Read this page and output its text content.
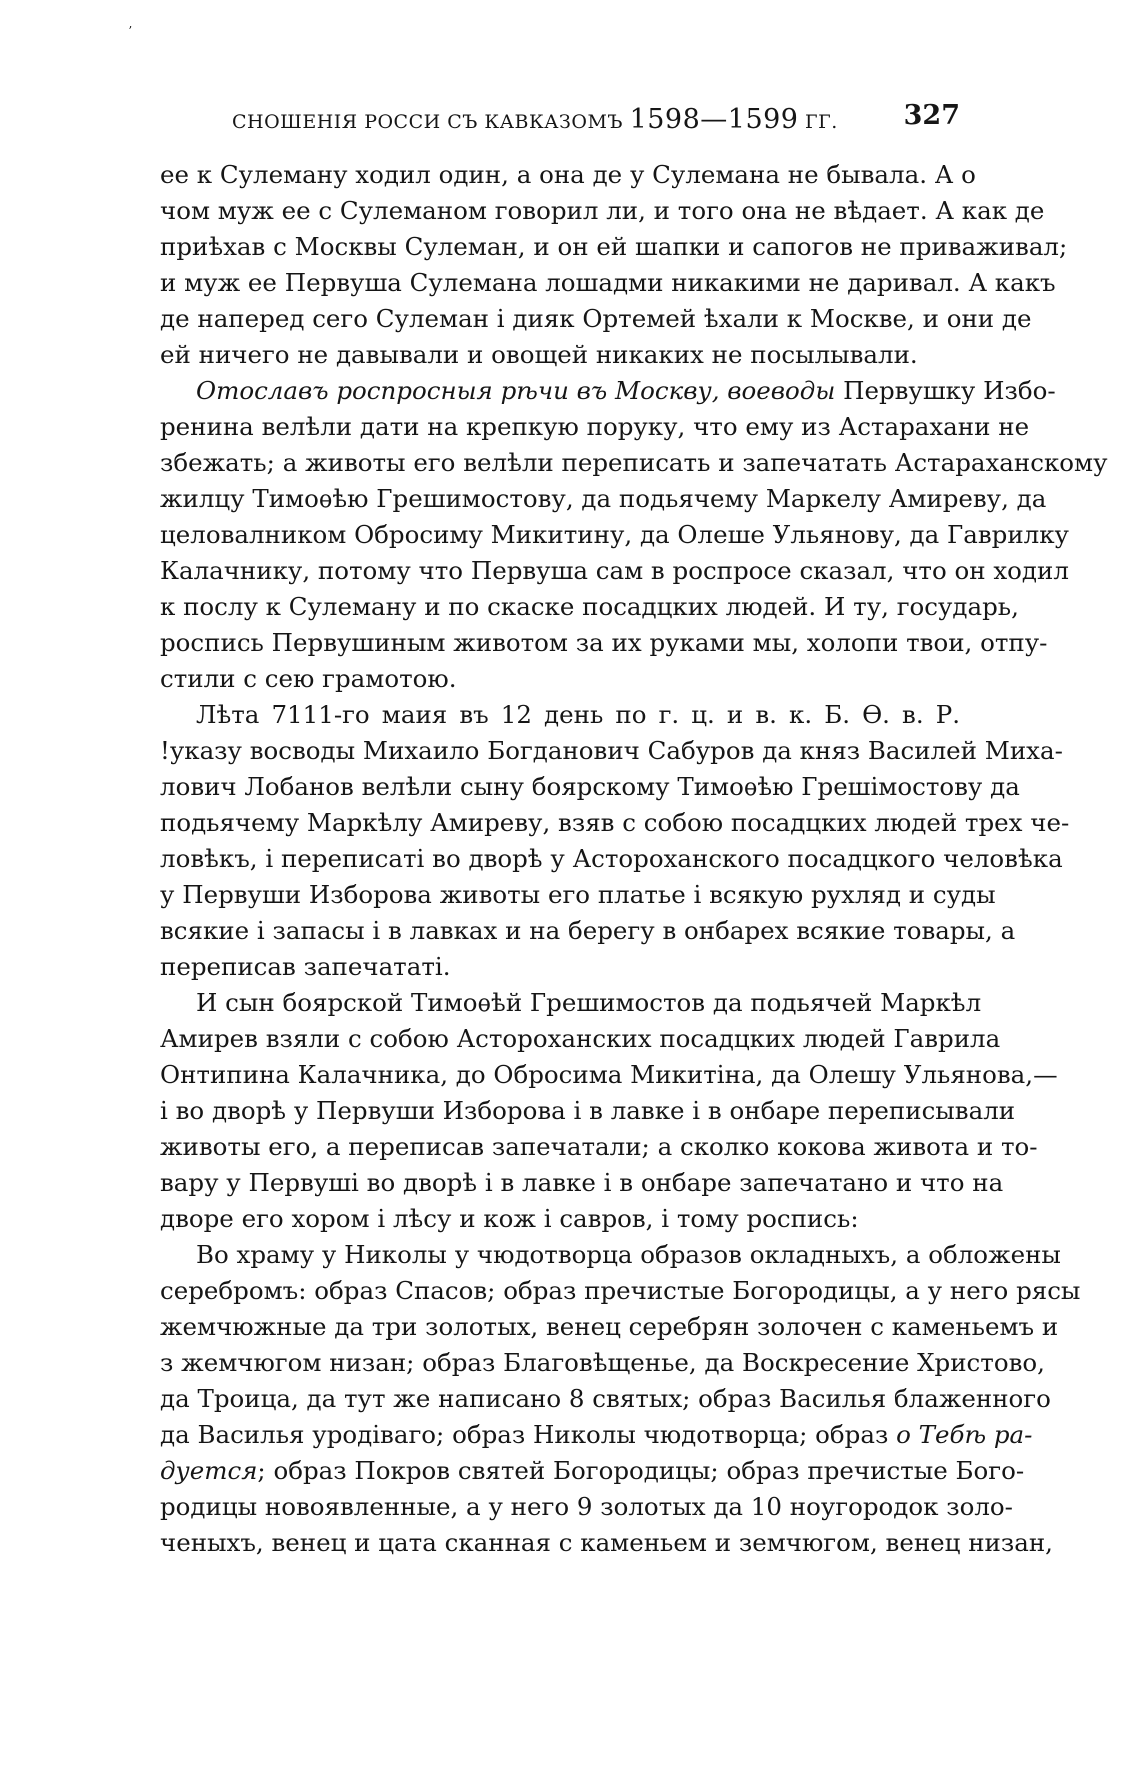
ʼ
СНОШЕНІЯ РОССИ СЪ КАВКАЗОМЪ 1598—1599 ГГ. 327
ее к Сулеману ходил один, а она де у Сулемана не бывала. А о
чом муж ее с Сулеманом говорил ли, и того она не вѣдает. А как де
приѣхав с Москвы Сулеман, и он ей шапки и сапогов не приваживал;
и муж ее Первуша Сулемана лошадми никакими не даривал. А какъ
де наперед сего Сулеман і дияк Ортемей ѣхали к Москве, и они де
ей ничего не давывали и овощей никаких не посылывали.
Отославъ роспросныя рѣчи въ Москву, воеводы Первушку Избо-
ренина велѣли дати на крепкую поруку, что ему из Астарахани не
збежать; а животы его велѣли переписать и запечатать Астараханскому
жилцу Тимоѳѣю Грешимостову, да подьячему Маркелу Амиреву, да
целовалником Обросиму Микитину, да Олеше Ульянову, да Гаврилку
Калачнику, потому что Первуша сам в роспросе сказал, что он ходил
к послу к Сулеману и по скаске посадцких людей. И ту, государь,
роспись Первушиным животом за их руками мы, холопи твои, отпу-
стили с сею грамотою.
Лѣта 7111-го маия въ 12 день по г. ц. и в. к. Б. Ѳ. в. Р.
!указу восводы Михаило Богданович Сабуров да княз Василей Миха-
лович Лобанов велѣли сыну боярскому Тимоѳѣю Грешімостову да
подьячему Маркѣлу Амиреву, взяв с собою посадцких людей трех че-
ловѣкъ, і переписаті во дворѣ у Астороханского посадцкого человѣка
у Первуши Изборова животы его платье і всякую рухляд и суды
всякие і запасы і в лавках и на берегу в онбарех всякие товары, а
переписав запечататі.
И сын боярской Тимоѳѣй Грешимостов да подьячей Маркѣл
Амирев взяли с собою Астороханских посадцких людей Гаврила
Онтипина Калачника, до Обросима Микитіна, да Олешу Ульянова,—
і во дворѣ у Первуши Изборова і в лавке і в онбаре переписывали
животы его, а переписав запечатали; а сколко кокова живота и то-
вару у Первуші во дворѣ і в лавке і в онбаре запечатано и что на
дворе его хором і лѣсу и кож і савров, і тому роспись:
Во храму у Николы у чюдотворца образов окладныхъ, а обложены
серебромъ: образ Спасов; образ пречистые Богородицы, а у него рясы
жемчюжные да три золотых, венец серебрян золочен с каменьемъ и
з жемчюгом низан; образ Благовѣщенье, да Воскресение Христово,
да Троица, да тут же написано 8 святых; образ Василья блаженного
да Василья уродіваго; образ Николы чюдотворца; образ о Тебѣ ра-
дуется; образ Покров святей Богородицы; образ пречистые Бого-
родицы новоявленные, а у него 9 золотых да 10 ноугородок золо-
ченыхъ, венец и цата сканная с каменьем и земчюгом, венец низан,
